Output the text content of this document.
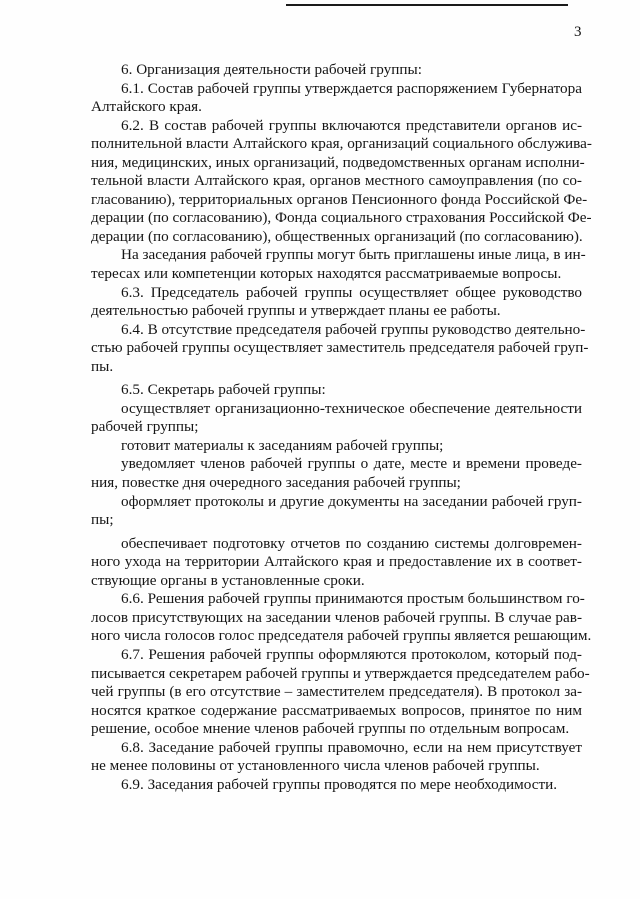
3

6. Организация деятельности рабочей группы:

6.1. Состав рабочей группы утверждается распоряжением Губернатора
Алтайского края.

6.2. В состав рабочей группы включаются представители органов ис-
полнительной власти Алтайского края, организаций социального обслужива-
ния, медицинских, иных организаций, подведомственных органам исполни-
тельной власти Алтайского края, органов местного самоуправления (по со-
гласованию), территориальных органов Пенсионного фонда Российской Фе-
дерации (по согласованию), Фонда социального страхования Российской Фе-
дерации (по согласованию), общественных организаций (по согласованию).

На заседания рабочей группы могут быть приглашены иные лица, в ин-
тересах или компетенции которых находятся рассматриваемые вопросы.

6.3. Председатель рабочей группы осуществляет общее руководство
деятельностью рабочей группы и утверждает планы ее работы.

6.4. В отсутствие председателя рабочей группы руководство деятельно-
стью рабочей группы осуществляет заместитель председателя рабочей груп-
пы.

6.5. Секретарь рабочей группы:

осуществляет организационно-техническое обеспечение деятельности
рабочей группы;

готовит материалы к заседаниям рабочей группы;

уведомляет членов рабочей группы о дате, месте и времени проведе-
ния, повестке дня очередного заседания рабочей группы;

оформляет протоколы и другие документы на заседании рабочей груп-
пы;

обеспечивает подготовку отчетов по созданию системы долговремен-
ного ухода на территории Алтайского края и предоставление их в соответ-
ствующие органы в установленные сроки.

6.6. Решения рабочей группы принимаются простым большинством го-
лосов присутствующих на заседании членов рабочей группы. В случае рав-
ного числа голосов голос председателя рабочей группы является решающим.

6.7. Решения рабочей группы оформляются протоколом, который под-
писывается секретарем рабочей группы и утверждается председателем рабо-
чей группы (в его отсутствие – заместителем председателя). В протокол за-
носятся краткое содержание рассматриваемых вопросов, принятое по ним
решение, особое мнение членов рабочей группы по отдельным вопросам.

6.8. Заседание рабочей группы правомочно, если на нем присутствует
не менее половины от установленного числа членов рабочей группы.

6.9. Заседания рабочей группы проводятся по мере необходимости.
